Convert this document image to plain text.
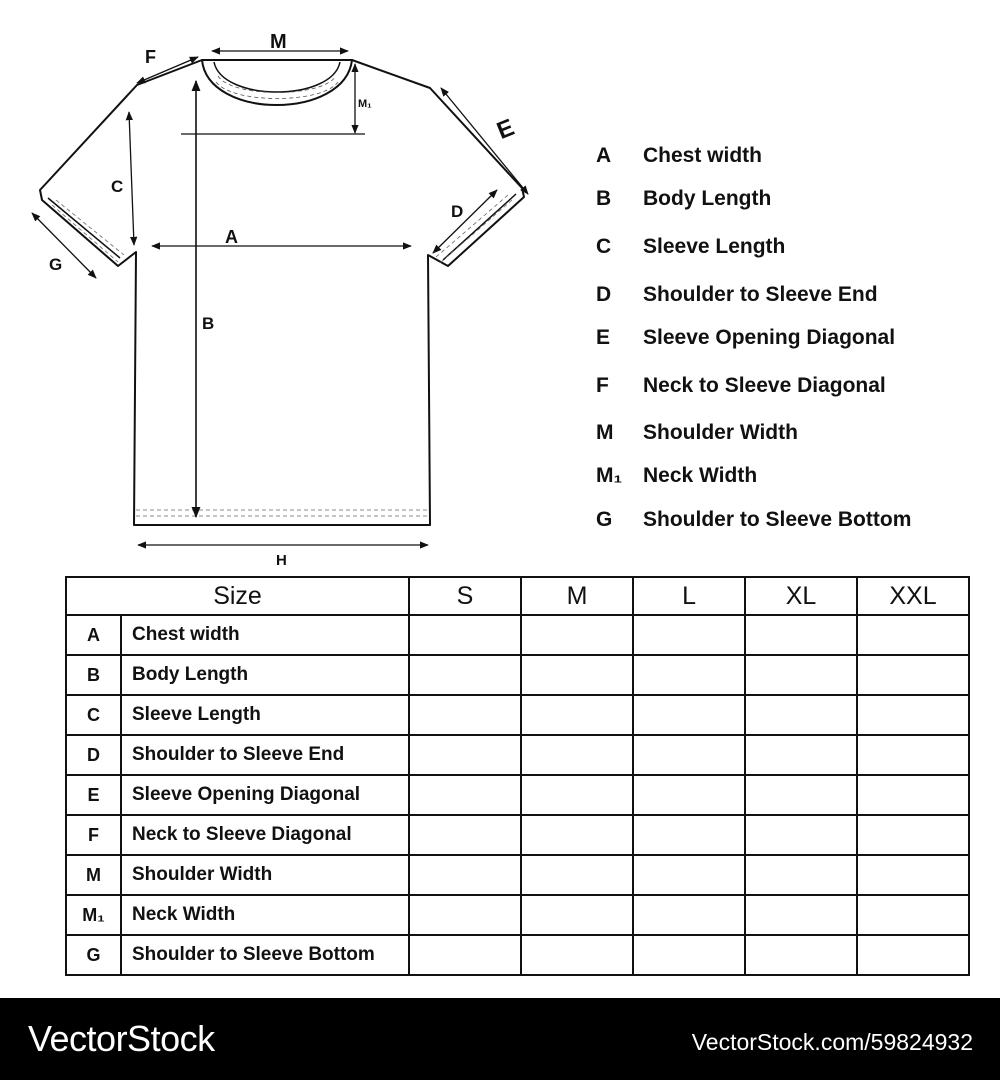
M
F
M₁
E
C
D
A
G
B
H
A Chest width
B Body Length
C Sleeve Length
D Shoulder to Sleeve End
E Sleeve Opening Diagonal
F Neck to Sleeve Diagonal
M Shoulder Width
M₁ Neck Width
G Shoulder to Sleeve Bottom
Size		S	M	L	XL	XXL
A	Chest width					
B	Body Length					
C	Sleeve Length					
D	Shoulder to Sleeve End					
E	Sleeve Opening Diagonal					
F	Neck to Sleeve Diagonal					
M	Shoulder Width					
M₁	Neck Width					
G	Shoulder to Sleeve Bottom					
VectorStock	VectorStock.com/59824932
